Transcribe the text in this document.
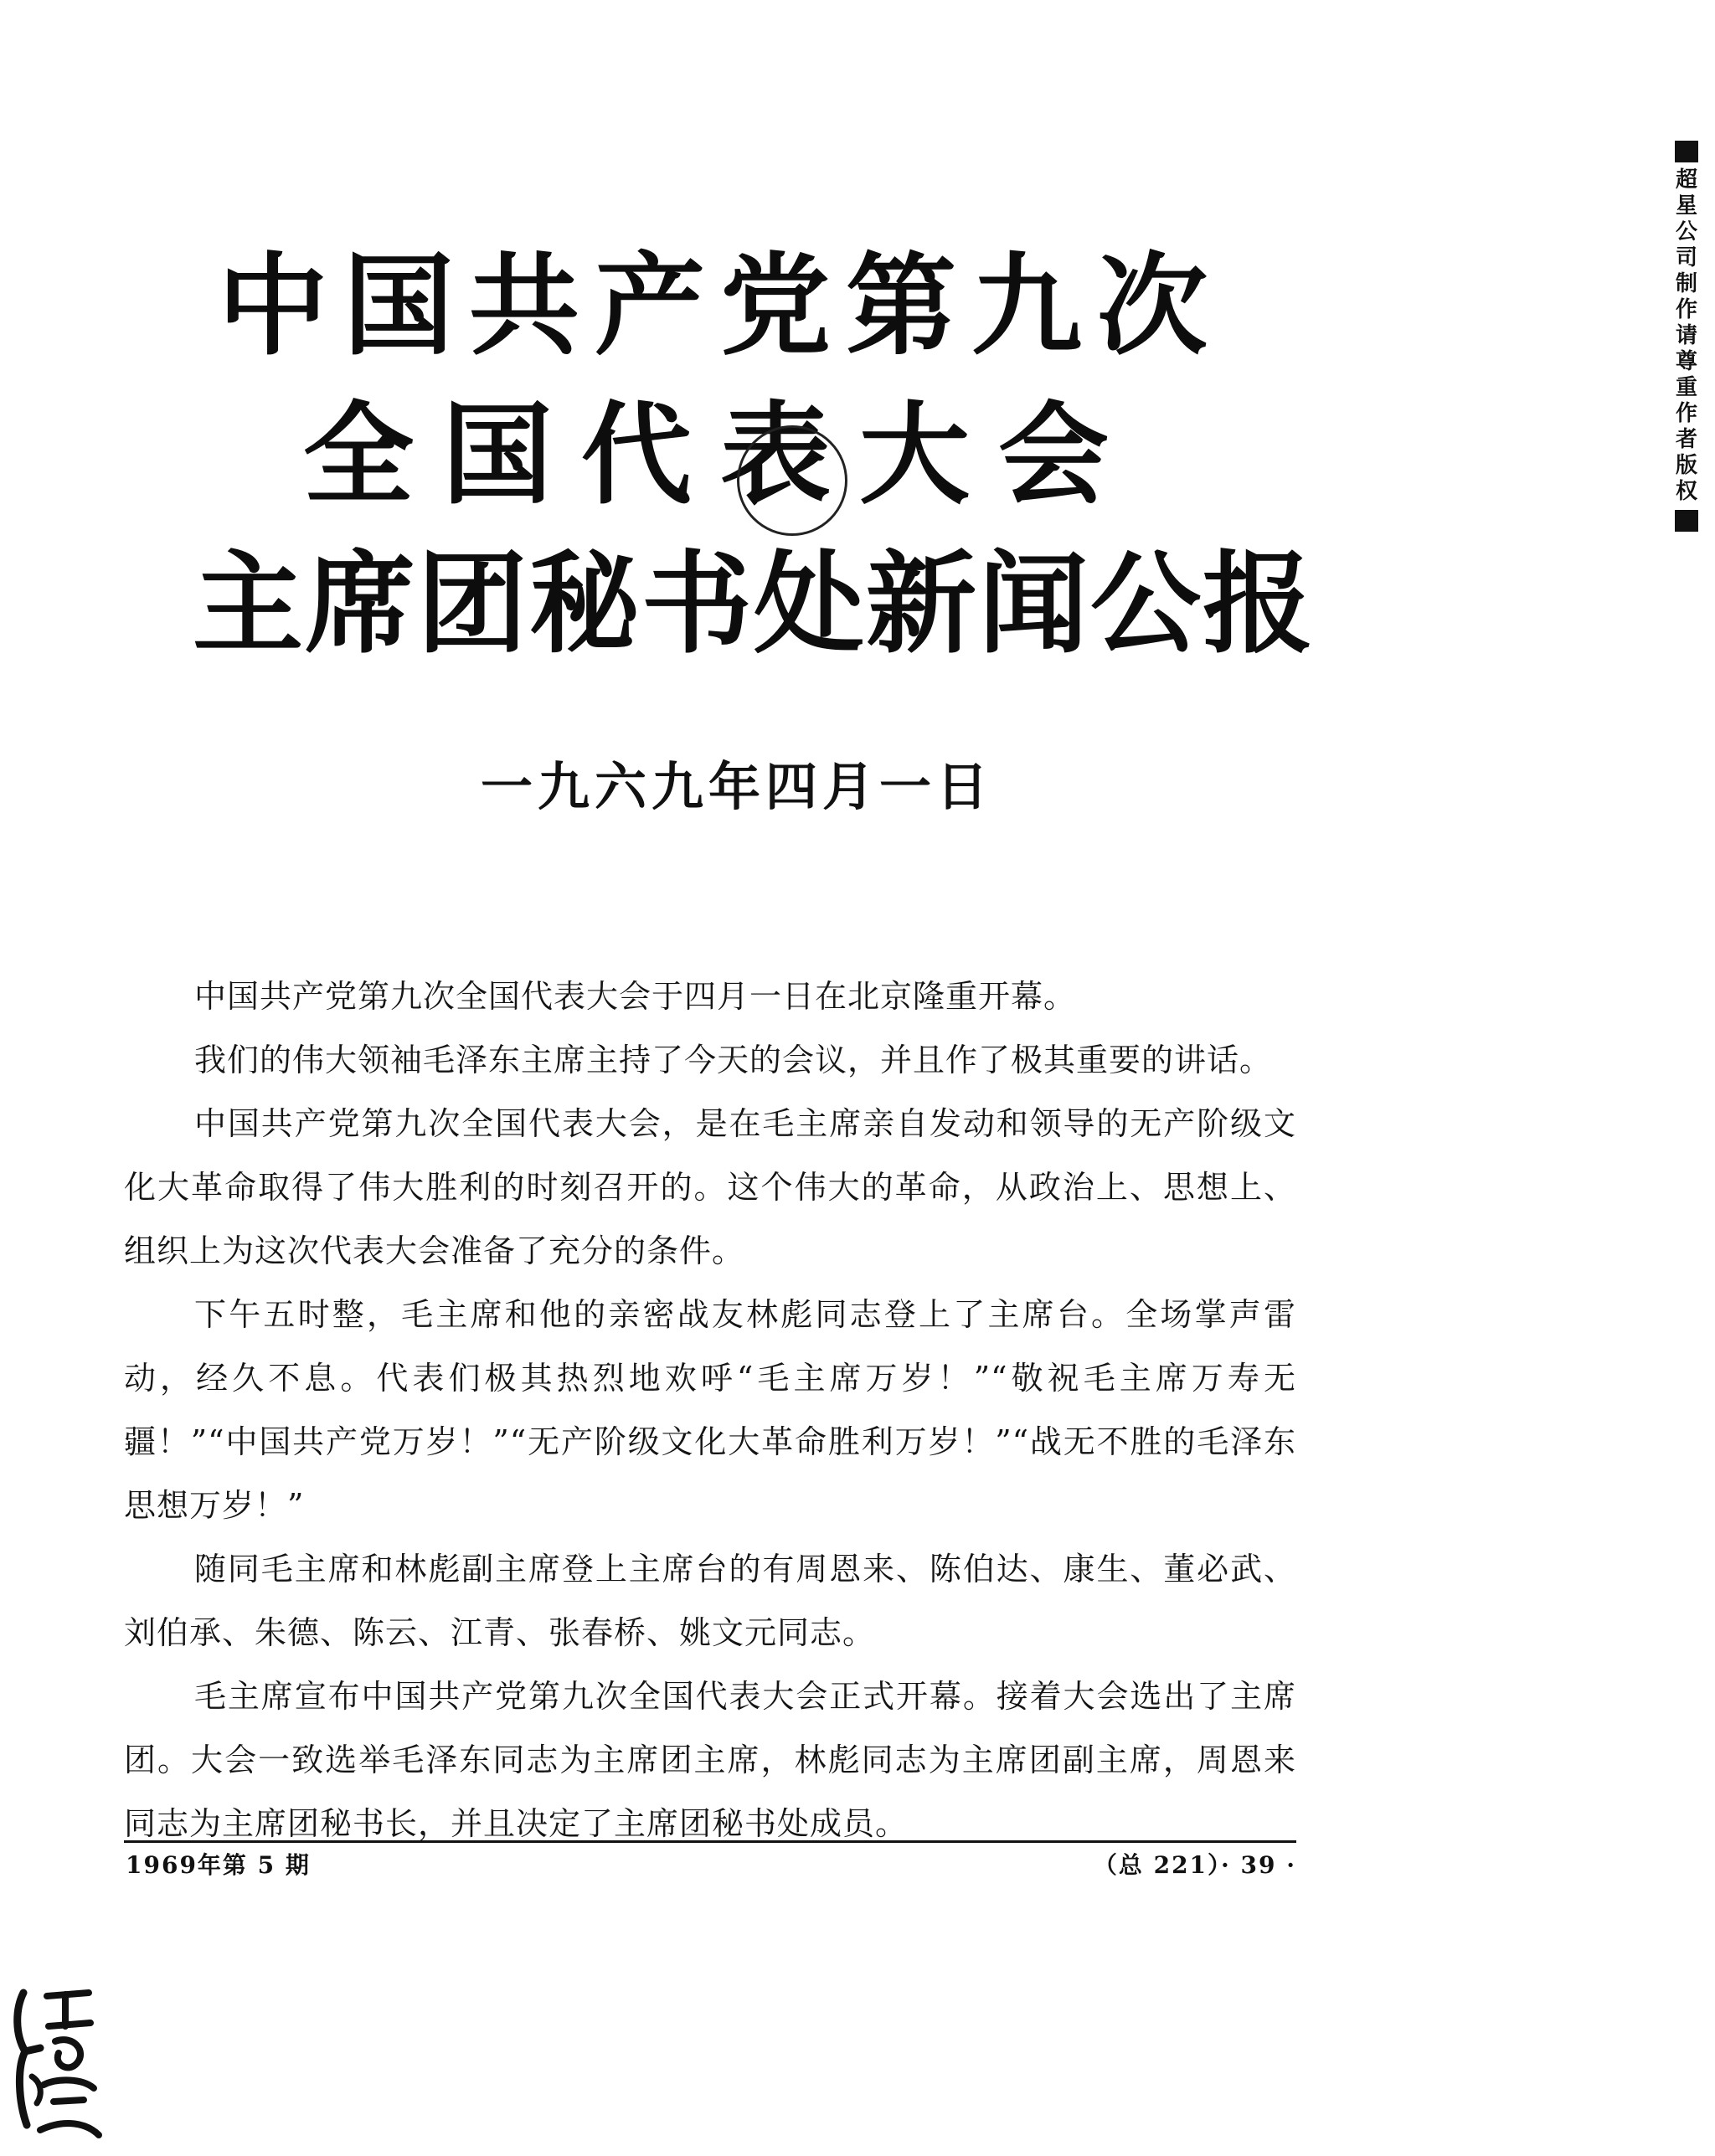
中国共产党第九次
全国代表大会
主席团秘书处新闻公报

一九六九年四月一日

中国共产党第九次全国代表大会于四月一日在北京隆重开幕。

我们的伟大领袖毛泽东主席主持了今天的会议，并且作了极其重要的讲话。

中国共产党第九次全国代表大会，是在毛主席亲自发动和领导的无产阶级文化大革命取得了伟大胜利的时刻召开的。这个伟大的革命，从政治上、思想上、组织上为这次代表大会准备了充分的条件。

下午五时整，毛主席和他的亲密战友林彪同志登上了主席台。全场掌声雷动，经久不息。代表们极其热烈地欢呼“毛主席万岁！”“敬祝毛主席万寿无疆！”“中国共产党万岁！”“无产阶级文化大革命胜利万岁！”“战无不胜的毛泽东思想万岁！”

随同毛主席和林彪副主席登上主席台的有周恩来、陈伯达、康生、董必武、刘伯承、朱德、陈云、江青、张春桥、姚文元同志。

毛主席宣布中国共产党第九次全国代表大会正式开幕。接着大会选出了主席团。大会一致选举毛泽东同志为主席团主席，林彪同志为主席团副主席，周恩来同志为主席团秘书长，并且决定了主席团秘书处成员。

1969年第 5 期	（总 221）· 39 ·
超星公司制作 请尊重作者版权
